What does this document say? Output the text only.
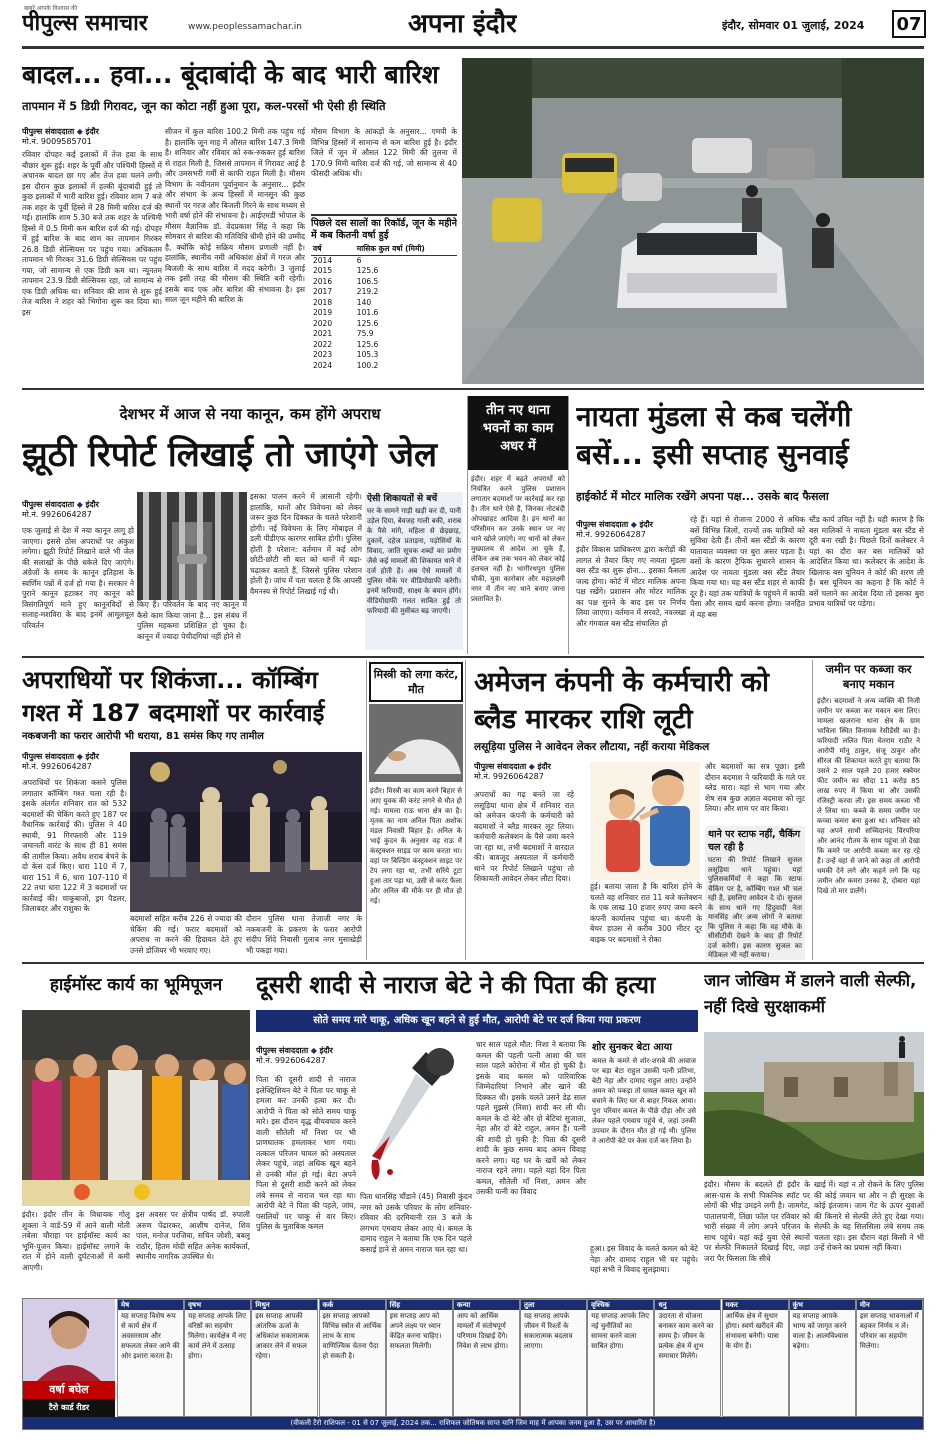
खबरें आपके विश्वास की
पीपुल्स समाचार	www.peoplessamachar.in	अपना इंदौर	इंदौर, सोमवार 01 जुलाई, 2024 07
बादल... हवा... बूंदाबांदी के बाद भारी बारिश
तापमान में 5 डिग्री गिरावट, जून का कोटा नहीं हुआ पूरा, कल-परसों भी ऐसी ही स्थिति
पीपुल्स संवाददाता ◆ इंदौर
मो.नं. 9009585701
रविवार दोपहर कई इलाकों में तेज हवा के साथ बौछार शुरू हुई। शहर के पूर्वी और पश्चिमी हिस्सों में अचानक बादल छा गए और तेज हवा चलने लगी। इस दौरान कुछ इलाकों में हल्की बूंदाबांदी हुई तो कुछ इलाकों में भारी बारिश हुई। रविवार शाम 7 बजे तक शहर के पूर्वी हिस्से में 28 मिमी बारिश दर्ज की गई। हालांकि शाम 5.30 बजे तक शहर के पश्चिमी हिस्से में 0.5 मिमी कम बारिश दर्ज की गई। दोपहर में हुई बारिश के बाद शाम का तापमान गिरकर 26.8 डिग्री सेल्सियस पर पहुंच गया। अधिकतम तापमान भी गिरकर 31.6 डिग्री सेल्सियस पर पहुंच गया, जो सामान्य से एक डिग्री कम था। न्यूनतम तापमान 23.9 डिग्री सेल्सियस रहा, जो सामान्य से एक डिग्री अधिक था। शनिवार की शाम से शुरू हुई तेज बारिश ने शहर को भिगोना शुरू कर दिया था। इस
सीजन में कुल बारिश 100.2 मिमी तक पहुंच गई है। हालांकि जून माह में औसत बारिश 147.3 मिमी है। शनिवार और रविवार को रुक-रुककर हुई बारिश से राहत मिली है, जिससे तापमान में गिरावट आई है और उमसभरी गर्मी से काफी राहत मिली है। मौसम विभाग के नवीनतम पूर्वानुमान के अनुसार... इंदौर और संभाग के अन्य हिस्सों में मानसून की कुछ स्थानों पर गरज और बिजली गिरने के साथ मध्यम से भारी वर्षा होने की संभावना है। आईएमडी भोपाल के मौसम वैज्ञानिक डॉ. वेदप्रकाश सिंह ने कहा कि सोमवार से बारिश की गतिविधि धीमी होने की उम्मीद है, क्योंकि कोई सक्रिय मौसम प्रणाली नहीं है। हालांकि, स्थानीय नमी अधिकांश क्षेत्रों में गरज और बिजली के साथ बारिश में मदद करेगी। 3 जुलाई तक इसी तरह की मौसम की स्थिति बनी रहेगी। इसके बाद एक और बारिश की संभावना है। इस साल जून महीने की बारिश के
मौसम विभाग के आंकड़ों के अनुसार... एमपी के विभिन्न हिस्सों में सामान्य से कम बारिश हुई है। इंदौर जिले में जून में औसत 122 मिमी की तुलना में 170.9 मिमी बारिश दर्ज की गई, जो सामान्य से 40 फीसदी अधिक थी।
पिछले दस सालों का रिकॉर्ड, जून के महीने में कब कितनी वर्षा हुई
वर्ष	मासिक कुल वर्षा (मिमी)
2014	6
2015	125.6
2016	106.5
2017	219.2
2018	140
2019	101.6
2020	125.6
2021	75.9
2022	125.6
2023	105.3
2024	100.2
देशभर में आज से नया कानून, कम होंगे अपराध
झूठी रिपोर्ट लिखाई तो जाएंगे जेल
पीपुल्स संवाददाता ◆ इंदौर
मो.नं. 9926064287
एक जुलाई से देश में नया कानून लागू हो जाएगा। इससे ठोस अपराधों पर अंकुश लगेगा। झूठी रिपोर्ट लिखाने वाले भी जेल की सलाखों के पीछे धकेले दिए जाएंगे। अंग्रेजों के समय के कानून इतिहास के स्वर्णिम पन्नों में दर्ज हो गया है। सरकार ने पुराने कानून हटाकर नए कानून को विसंगतिपूर्ण माने हुए कानूनविदों से सलाह-मशविरा के बाद इनमें आमूलचूल परिवर्तन
किए हैं। परिवर्तन के बाद नए कानून में कैसे काम किया जाना है... इस संबंध में पुलिस महकमा प्रशिक्षित हो चुका है। कानून में ज्यादा पेचीदगियां नहीं होने से
इसका पालन करने में आसानी रहेगी। हालांकि, थानों और विवेचना को लेकर जरूर कुछ दिन दिक्कत के चलते परेशानी होगी। नई विवेचना के लिए मोबाइल में डली पीडीएफ कारगर साबित होगी। पुलिस होती है परेशान: वर्तमान में कई लोग छोटी-छोटी सी बात को थानों में बढ़ा-चढ़ाकर बताते हैं, जिससे पुलिस परेशान होती है। जांच में पता चलता है कि आपसी वैमनस्य से रिपोर्ट लिखाई गई थी।
ऐसी शिकायतों से बचें
घर के सामने गाड़ी खड़ी कर दी, पानी उड़ेल दिया, बेवजह गाली बकी, शराब के पैसे मांगे, महिला से छेड़छाड़, दुकानें, दहेज प्रताड़ना, पड़ोसियों के विवाद, जाति सूचक शब्दों का प्रयोग जैसे कई मामलों की शिकायत थाने में दर्ज होती है। अब ऐसे मामलों में पुलिस मौके पर वीडियोग्राफी करेगी। इनमें फरियादी, साक्ष्य के बयान होंगे। वीडियोग्राफी गलत साबित हुई तो फरियादी की मुसीबत बढ़ जाएगी।
तीन नए थाना भवनों का काम अधर में
इंदौर। शहर में बढ़ते अपराधों को नियंत्रित करने पुलिस प्रशासन लगातार बदमाशों पर कार्रवाई कर रहा है। तीन थाने ऐसे हैं, जिनका नोटबंदी ओपखाहट आदिवा है। इन थानों का परिसीमन कर उनके स्थान पर नए थाने खोले जाएंगे। नए थानों को लेकर मुख्यालय से आदेश आ चुके हैं, लेकिन अब तक भवन को लेकर कोई हलचल नहीं है। भागीरथपुरा पुलिस चौकी, युवा कारोबार और महालक्ष्मी नगर में तीन नए थाने बनाए जाना प्रस्तावित है।
नायता मुंडला से कब चलेंगी बसें... इसी सप्ताह सुनवाई
हाईकोर्ट में मोटर मालिक रखेंगे अपना पक्ष... उसके बाद फैसला
पीपुल्स संवाददाता ◆ इंदौर
मो.नं. 9926064287
इंदौर विकास प्राधिकरण द्वारा करोड़ों की लागत से तैयार किए गए नायता मुंडला बस स्टैंड का शुरू होना... इसका फैसला जल्द होगा। कोर्ट में मोटर मालिक अपना पक्ष रखेंगे। प्रशासन और मोटर मालिक का पक्ष सुनने के बाद इस पर निर्णय लिया जाएगा। वर्तमान में सरवटे, नवलखा और गंगवाल बस स्टैंड संचालित हो
रहे हैं। यहां से रोजाना 2000 से अधिक बसें विभिन्न जिलों, राज्यों तक यात्रियों को सुविधा देती हैं। तीनों बस स्टैंडों के कारण यातायात व्यवस्था पर बुरा असर पड़ता है। बसों के कारण ट्रैफिक सुधारने शासन के आदेश पर नायता मुंडला बस स्टैंड तैयार किया गया था। यह बस स्टैंड शहर से काफी दूर है। यहां तक यात्रियों के पहुंचने में काफी पैसा और समय खर्च करना होगा। जनहित में यह बस
स्टैंड कार्य उचित नहीं है। यही कारण है कि बस मालिकों ने नायता मुंडला बस स्टैंड से दूरी बना रखी है। पिछले दिनों कलेक्टर ने यहां का दौरा कर बस मालिकों को आदेशित किया था। कलेक्टर के आदेश के खिलाफ बस यूनियन ने कोर्ट की शरण ली है। बस यूनियन का कहना है कि कोर्ट ने बसें चलाने का आदेश दिया तो इसका बुरा प्रभाव यात्रियों पर पड़ेगा।
अपराधियों पर शिकंजा... कॉम्बिंग गश्त में 187 बदमाशों पर कार्रवाई
नकबजनी का फरार आरोपी भी धराया, 81 समंस किए गए तामील
पीपुल्स संवाददाता ◆ इंदौर
मो.नं. 9926064287
अपराधियों पर शिकंजा कसने पुलिस लगातार कॉम्बिंग गश्त चला रही है। इसके अंतर्गत शनिवार रात को 532 बदमाशों की चेकिंग करते हुए 187 पर वैधानिक कार्रवाई की। पुलिस ने 40 स्थायी, 91 गिरफ्तारी और 119 जमानती वारंट के साथ ही 81 समंस की तामील किया। अवैध शराब बेचने के दो केस दर्ज किए। धारा 110 में 7, धारा 151 में 6, धारा 107-110 में 22 तथा धारा 122 में 3 बदमाशों पर कार्रवाई की। चाकूबाजों, ड्रग पैडलर, जिलाबदर और राशुका के
बदमाशों सहित करीब 226 से ज्यादा की चेकिंग की गई। फरार बदमाशों को अपराध ना करने की हिदायत देते हुए उनसे डोजियर भी भरवाए गए।
दौरान पुलिस थाना तेजाजी नगर के नकबजनी के प्रकरण के फरार आरोपी संदीप शिंदे निवासी गुलाब नगर मुसाखेड़ी भी पकड़ा गया।
मिस्त्री को लगा करंट, मौत
इंदौर। मिस्त्री का काम करने बिहार से आए युवक की करंट लगने से मौत हो गई। मामला राऊ थाना क्षेत्र का है। मृतक का नाम अनिल पिता अशोक मंडल निवासी बिहार है। अनिल के भाई कुंदन के अनुसार वह राऊ में कंस्ट्रक्शन साइड पर काम करता था। वहां पर बिल्डिंग कंस्ट्रक्शन साइट पर टेप लगा रहा था, तभी सरिये टूटा हुआ तार पड़ा था, उसी से करंट फैला और अनिल की मौके पर ही मौत हो गई।
अमेजन कंपनी के कर्मचारी को ब्लैड मारकर राशि लूटी
लसूड़िया पुलिस ने आवेदन लेकर लौटाया, नहीं कराया मेडिकल
पीपुल्स संवाददाता ◆ इंदौर
मो.नं. 9926064287
अपराधों का गढ़ बनते जा रहे लसूड़िया थाना क्षेत्र में शनिवार रात को अमेजन कंपनी के कर्मचारी को बदमाशों ने ब्लैड मारकर लूट लिया। कर्मचारी कलेक्शन के पैसे जमा करने जा रहा था, तभी बदमाशों ने वारदात की। बावजूद अस्पताल में कर्मचारी थाने पर रिपोर्ट लिखाने पहुंचा तो शिकायती आवेदन लेकर लौटा दिया।
हुई। बताया जाता है कि बारिश होने के चलते वह शनिवार रात 11 बजे कलेक्शन के एक लाख 10 हजार रुपए जमा करने कंपनी कार्यालय पहुंचा था। कंपनी के बेचर हाउस से करीब 300 मीटर दूर बाइक पर बदमाशों ने रोका
और बदमाशों का सत्र पूछा। इसी दौरान बदमाश ने फरियादी के गले पर ब्लेड मारा। यहां से भाग गया और शेष सब कुछ अज्ञात बदमाश को लूट लिया। और शाम पर वार किया।
थाने पर स्टाफ नहीं, चैकिंग चल रही है
घटना की रिपोर्ट लिखाने सुजल लसूड़िया थाने पहुंचा। यहां पुलिसकर्मियों ने कहा कि स्टाफ चैकिंग पर है, कॉम्बिंग गश्त भी चल रही है, इसलिए आवेदन दे दो। सुजल के साथ थाने गए हिंदुवादी नेता मानसिंह और अन्य लोगों ने बताया कि पुलिस ने कहा कि वह मौके के सीसीटीवी देखने के बाद ही रिपोर्ट दर्ज करेगी। इस कारण सुजल का मेडिकल भी नहीं कराया।
जमीन पर कब्जा कर बनाए मकान
इंदौर। बदमाशों ने अन्य व्यक्ति की निजी जमीन पर कब्जा कर मकान बना लिए। मामला खजराना थाना क्षेत्र के ग्राम भाविला स्थित विनायक रेसीडेंसी का है। फरियादी ललित पिता चेतराम राठौर ने आरोपी मोनू ठाकुर, संजू ठाकुर और सीरज की शिकायत करते हुए बताया कि उसने 2 साल पहले 20 हजार स्क्वेयर फीट जमीन का सौदा 11 करोड़ 85 लाख रुपए में किया था और उसकी रजिस्ट्री करवा ली। इस समय कब्जा भी ले लिया था। कब्जे के समय जमीन पर कच्चा कमरा बना हुआ था। शनिवार को वह अपने साथी सच्चिदानंद विरपरिया और आनंद गौतम के साथ पहुंचा तो देखा कि कमरे पर आरोपी कब्जा कर रह रहे हैं। उन्हें वहां से जाने को कहा तो आरोपी धमकी देने लगे और कहने लगे कि यह जमीन और कमरा उनका है, दोबारा यहां दिखे तो मार डालेंगे।
हाईमॉस्ट कार्य का भूमिपूजन
इंदौर। इंदौर तीन के विधायक गोलू शुक्ला ने वार्ड-59 में आने वाली मोती तबेला चौराहा पर हाईमॉस्ट कार्य का भूमि-पूजन किया। हाईमॉस्ट लगाने के रात में होने वाली दुर्घटनाओं में कमी आएगी।
इस अवसर पर क्षेत्रीय पार्षद डॉ. रुपाली अरुण पेंढारकर, आशीष दानेज, शिव पाल, मनोज परजिया, सचिन जोशी, बबलू राठौर, हितम मोदी सहित अनेक कार्यकर्ता, स्थानीय नागरिक उपस्थित थे।
दूसरी शादी से नाराज बेटे ने की पिता की हत्या
सोते समय मारे चाकू, अधिक खून बहने से हुई मौत, आरोपी बेटे पर दर्ज किया गया प्रकरण
पीपुल्स संवाददाता ◆ इंदौर
मो.नं. 9926064287
पिता की दूसरी शादी से नाराज इलेक्ट्रिशियन बेटे ने पिता पर चाकू से हमला कर उनकी हत्या कर दी। आरोपी ने पिता को सोते समय चाकू मारे। इस दौरान वृद्ध बीचबचाव करने वाली सौतेली माँ निशा पर भी प्राणघातक हमलाकर भाग गया। तत्काल परिजन घायल को अस्पताल लेकर पहुंचे, जहां अधिक खून बहने से उनकी मौत हो गई। बेटा अपने पिता से दूसरी शादी करने को लेकर लंबे समय से नाराज चल रहा था। आरोपी बेटे ने पिता की पहले, जांघ, पसलियों पर चाकू से वार किए। पुलिस के मुताबिक कमल
पिता धानसिंह चौंडाने (45) निवासी कुंदन नगर को उसके परिवार के लोग शनिवार-रविवार की दरमियानी रात 3 बजे के लगभग एमवाय लेकर आए थे। कमल के दामाद राहुल ने बताया कि एक दिन पहले कसाई हाने से अमन नाराज चल रहा था।
चार साल पहले मौत: निशा ने बताया कि कमल की पहली पत्नी आशा की चार साल पहले कोरोना में मौत हो चुकी है। इसके बाद कमल को पारिवारिक जिम्मेदारियां निभाने और खाने की दिक्कत थी। इसके चलते उसने डेढ़ साल पहले मुझसे (निशा) शादी कर ली थी। कमल के दो बेटे और दो बेटियां सुजाता, नेहा और दो बेटे राहुल, अमन हैं। पत्नी की शादी हो चुकी है: पिता की दूसरी शादी के कुछ समय बाद अमन विवाह करने लगा। यह घर के खर्चे को लेकर नाराज रहने लगा। पहले यहां दिन पिता कमल, सौतेली माँ निशा, अमन और उसकी पत्नी का विवाद
शोर सुनकर बेटा आया
कमल के कमरे से शोर-शराबे की आवाज पर बड़ा बेटा राहुल उसकी पत्नी प्रतिभा, बेटी नेहा और दामाद राहुल आए। उन्होंने अमन को पकड़ा तो घायल कमल खून को बचाने के लिए घर से बाहर निकल आया। पुरा परिवार कमल के पीछे दौड़ा और उसे लेकर पहले एमवाय पहुंचे थे, जहां उनकी उपचार के दौरान मौत हो गई थी। पुलिस ने आरोपी बेटे पर केस दर्ज कर लिया है।
हुआ। इस विवाद के चलते कमल को बेटे नेहा और दामाद राहुल भी घर पहुंचे। यहां सभी ने विवाद सुलझाया।
जान जोखिम में डालने वाली सेल्फी, नहीं दिखे सुरक्षाकर्मी
इंदौर। मौसम के बदलते ही इंदौर के आस-पास के सभी पिकनिक स्पॉट पर लोगों की भीड़ उमड़ने लगी है। जामगेट, पातालपानी, तिंछा फॉल पर रविवार को भारी संख्या में लोग अपने परिजन के साथ पहुंचे। यहां कई युवा ऐसे स्थानों पर सेल्फी निकालते दिखाई दिए, जहां जरा पैर फिसला कि सीधे
खाई में। यहां न तो रोकने के लिए पुलिस की कोई जवान था और न ही सुरक्षा के कोई इंतजाम। जाम गेट के ऊपर युवाओं की किनारे से सेल्फी लेते हुए देखा गया। सेल्फी के यह सिलसिला लंबे समय तक चलता रहा। इस दौरान वहां किसी ने भी उन्हें रोकने का प्रयास नहीं किया।
वर्षा बघेल
टैरो कार्ड रीडर
मेष
यह सप्ताह विशेष रूप से कार्य क्षेत्र में अवसरसाम और सफलता लेकर आने की ओर इशारा करता है।
वृषभ
यह सप्ताह आपके लिए वरिष्ठों का सहयोग मिलेगा। कार्यक्षेत्र में नए कार्य लेने में उत्साह होगा।
मिथुन
इस सप्ताह आपकी आंतरिक ऊर्जा के अधिकांश सकारात्मक आकार लेने में सफल रहेगा।
कर्क
इस सप्ताह आपको विभिन्न स्त्रोत से आर्थिक लाभ के साथ वाणिज्यिक चेतना पैदा हो सकती है।
सिंह
इस सप्ताह आप को अपने लक्ष्य पर ध्यान केंद्रित करना चाहिए। सफलता मिलेगी।
कन्या
आप को आर्थिक मामलों में संतोषपूर्ण परिणाम दिखाई देंगे। निवेश से लाभ होगा।
तुला
यह सप्ताह आपके जीवन में रिश्तों के सकारात्मक बदलाव लाएगा।
वृश्चिक
यह सप्ताह आपके लिए नई चुनौतियों का सामना करने वाला साबित होगा।
धनु
उदारता से योजना बनाकर काम करने का समय है। जीवन के प्रत्येक क्षेत्र में शुभ समाचार मिलेंगे।
मकर
आर्थिक क्षेत्र में सुधार होगा। स्वर्ण खरीदने की संभावना बनेगी। यात्रा के योग हैं।
कुंभ
यह सप्ताह आपके भाग्य को जागृत करने वाला है। आत्मविश्वास बढ़ेगा।
मीन
इस सप्ताह भावनाओं में बहकर निर्णय न लें। परिवार का सहयोग मिलेगा।
(वीकली टैरो राशिफल - 01 से 07 जुलाई, 2024 तक... राशिफल जोतिषक साप्त यानि जिम माह में आपका जनम हुआ है, उस पर आधारित है)
